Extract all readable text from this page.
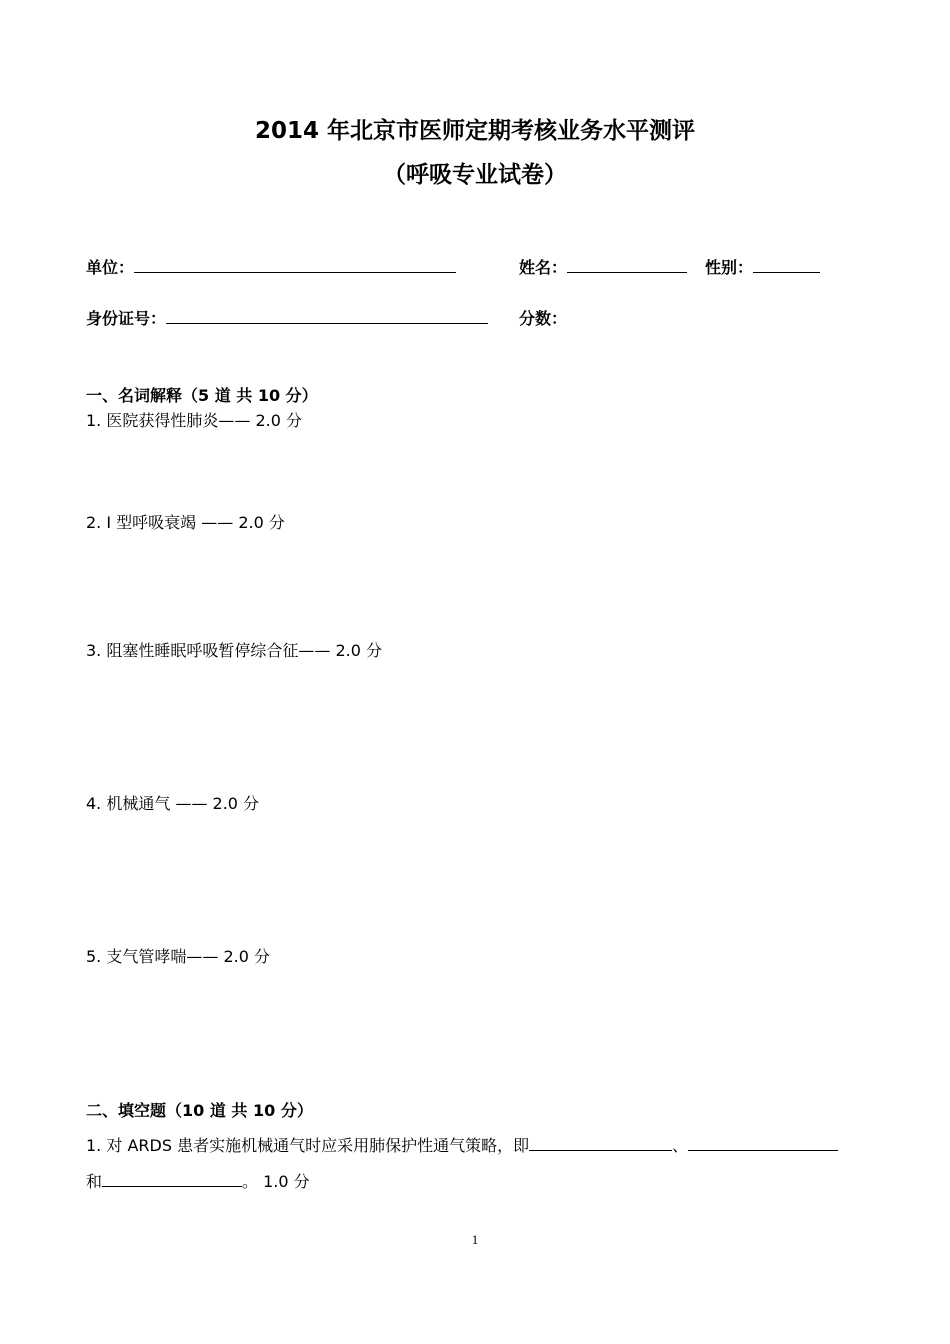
2014 年北京市医师定期考核业务水平测评
（呼吸专业试卷）
单位：	姓名：	性别：
身份证号：	分数：
一、名词解释（5 道 共 10 分）
1. 医院获得性肺炎—— 2.0 分
2. I 型呼吸衰竭 —— 2.0 分
3. 阻塞性睡眠呼吸暂停综合征—— 2.0 分
4. 机械通气 —— 2.0 分
5. 支气管哮喘—— 2.0 分
二、填空题（10 道 共 10 分）
1. 对 ARDS 患者实施机械通气时应采用肺保护性通气策略，即	、
和	。 1.0 分
1
